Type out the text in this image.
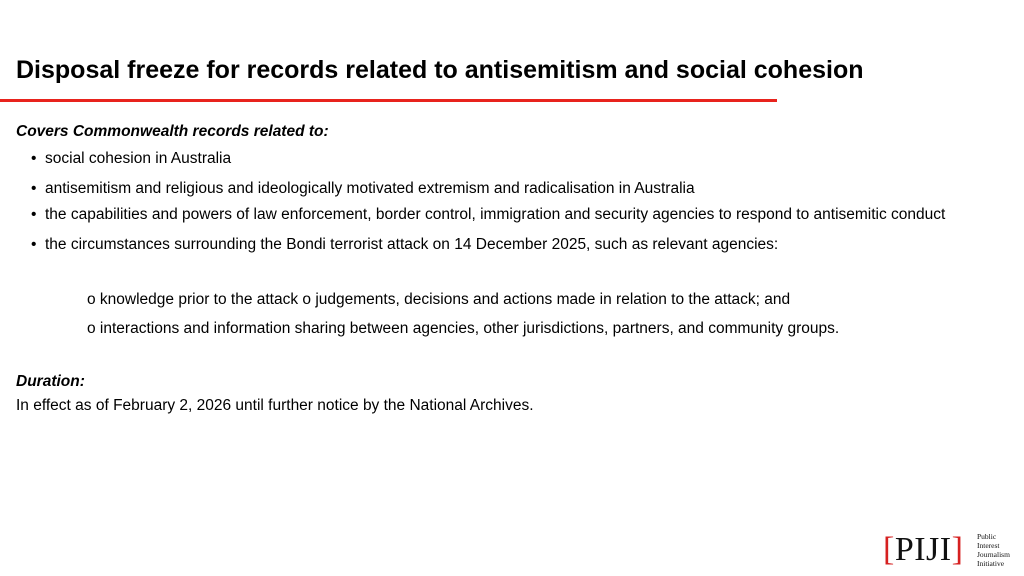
Disposal freeze for records related to antisemitism and social cohesion

Covers Commonwealth records related to:

• social cohesion in Australia
• antisemitism and religious and ideologically motivated extremism and radicalisation in Australia
• the capabilities and powers of law enforcement, border control, immigration and security agencies to respond to antisemitic conduct
• the circumstances surrounding the Bondi terrorist attack on 14 December 2025, such as relevant agencies:
o knowledge prior to the attack o judgements, decisions and actions made in relation to the attack; and
o interactions and information sharing between agencies, other jurisdictions, partners, and community groups.

Duration:

In effect as of February 2, 2026 until further notice by the National Archives.

[PIJI] Public
Interest
Journalism
Initiative
